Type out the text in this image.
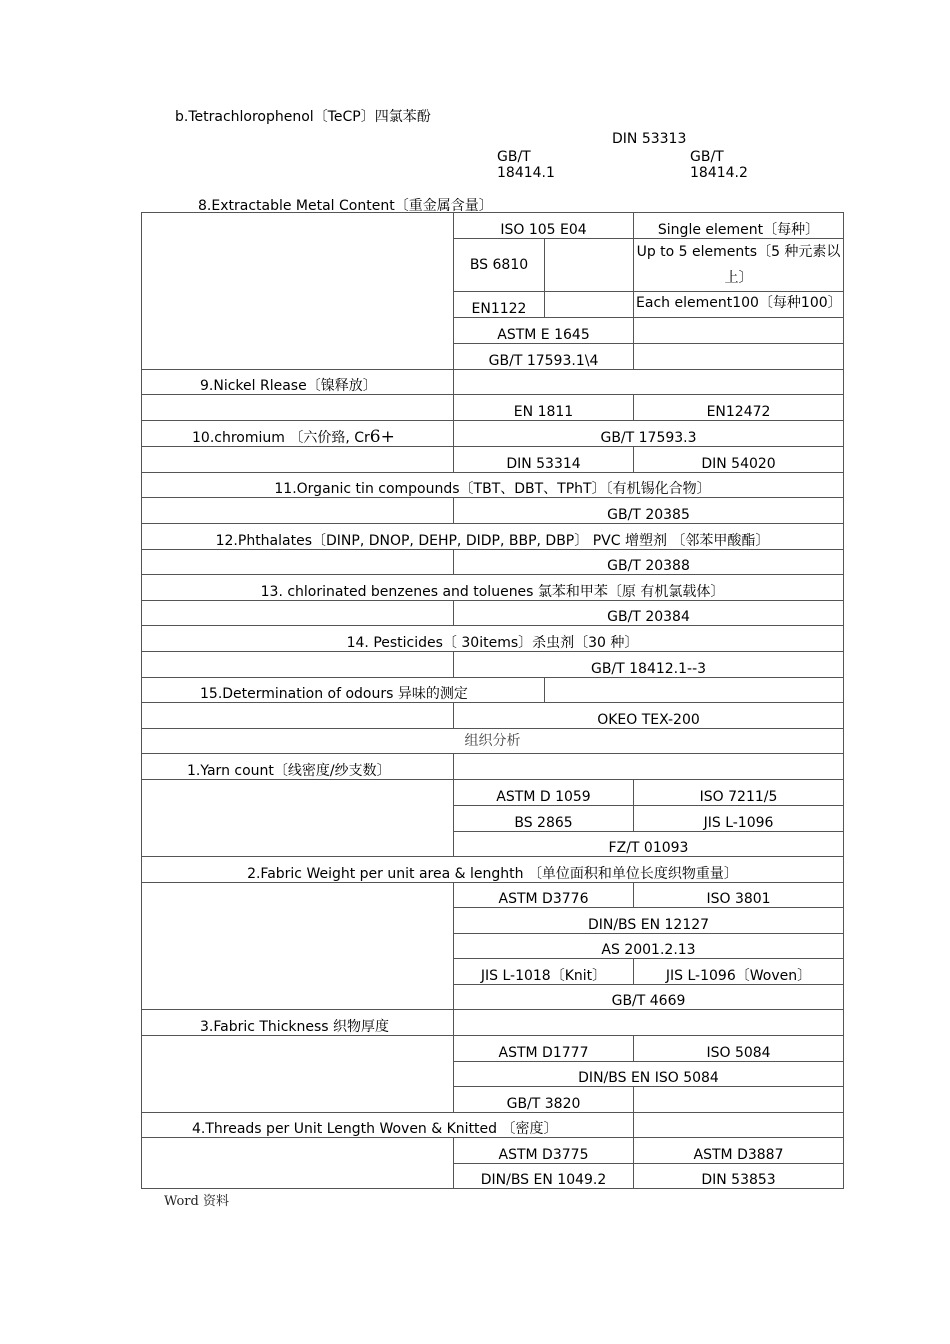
b.Tetrachlorophenol〔TeCP〕四氯苯酚
DIN 53313
GB/T
18414.1
GB/T
18414.2
8.Extractable Metal Content〔重金属含量〕
	ISO 105 E04		Single element〔每种〕
	BS 6810		Up to 5 elements〔5 种元素以上〕
	EN1122		Each element100〔每种100〕

	ASTM E 1645		
	GB/T 17593.1\4		
9.Nickel Rlease〔镍释放〕			
	EN 1811		EN12472
10.chromium 〔六价臵, Cr6+	GB/T 17593.3		
	DIN 53314		DIN 54020
11.Organic tin compounds〔TBT、DBT、TPhT〕〔有机锡化合物〕			
	GB/T 20385		
12.Phthalates〔DINP, DNOP, DEHP, DIDP, BBP, DBP〕 PVC 增塑剂 〔邻苯甲酸酯〕			
	GB/T 20388		
13. chlorinated benzenes and toluenes 氯苯和甲苯〔原 有机氯载体〕			
	GB/T 20384		
14. Pesticides〔 30items〕杀虫剂〔30 种〕			
	GB/T 18412.1--3		
15.Determination of odours 异味的测定			
	OKEO TEX-200		
组织分析			
1.Yarn count〔线密度/纱支数〕			
	ASTM D 1059		ISO 7211/5
	BS 2865		JIS L-1096
	FZ/T 01093		
2.Fabric Weight per unit area & lenghth 〔单位面积和单位长度织物重量〕			
	ASTM D3776		ISO 3801
	DIN/BS EN 12127		
	AS 2001.2.13		
	JIS L-1018〔Knit〕		JIS L-1096〔Woven〕
	GB/T 4669		
3.Fabric Thickness 织物厚度			
	ASTM D1777		ISO 5084
	DIN/BS EN ISO 5084		
	GB/T 3820		
4.Threads per Unit Length Woven & Knitted 〔密度〕			
	ASTM D3775		ASTM D3887
	DIN/BS EN 1049.2		DIN 53853
Word 资料
